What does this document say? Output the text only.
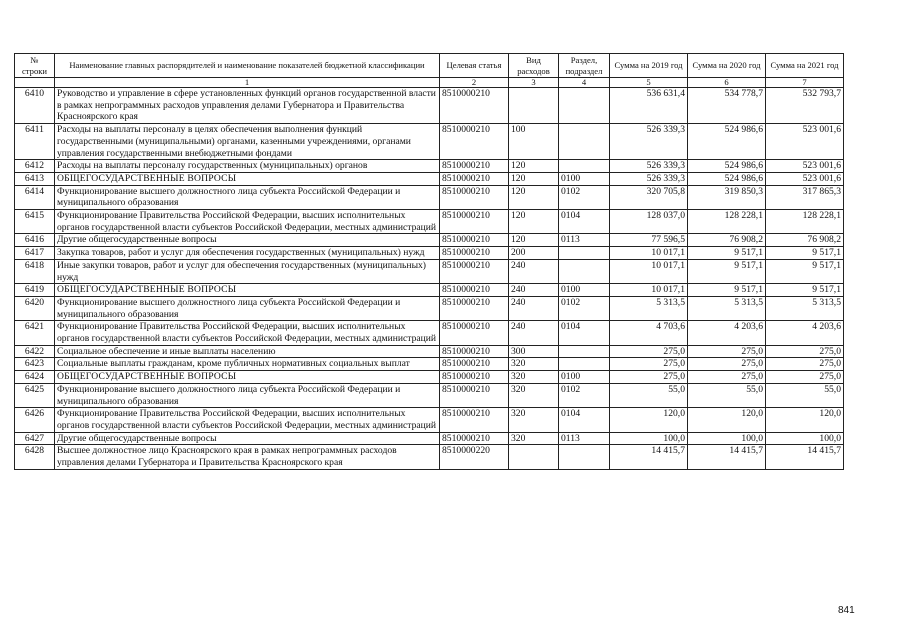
№ строки	Наименование главных распорядителей и наименование показателей бюджетной классификации	Целевая статья	Вид расходов	Раздел, подраздел	Сумма на 2019 год	Сумма на 2020 год	Сумма на 2021 год
	1	2	3	4	5	6	7
6410	Руководство и управление в сфере установленных функций органов государственной власти в рамках непрограммных расходов управления делами Губернатора и Правительства Красноярского края	8510000210			536 631,4	534 778,7	532 793,7
6411	Расходы на выплаты персоналу в целях обеспечения выполнения функций государственными (муниципальными) органами, казенными учреждениями, органами управления государственными внебюджетными фондами	8510000210	100		526 339,3	524 986,6	523 001,6
6412	Расходы на выплаты персоналу государственных (муниципальных) органов	8510000210	120		526 339,3	524 986,6	523 001,6
6413	ОБЩЕГОСУДАРСТВЕННЫЕ ВОПРОСЫ	8510000210	120	0100	526 339,3	524 986,6	523 001,6
6414	Функционирование высшего должностного лица субъекта Российской Федерации и муниципального образования	8510000210	120	0102	320 705,8	319 850,3	317 865,3
6415	Функционирование Правительства Российской Федерации, высших исполнительных органов государственной власти субъектов Российской Федерации, местных администраций	8510000210	120	0104	128 037,0	128 228,1	128 228,1
6416	Другие общегосударственные вопросы	8510000210	120	0113	77 596,5	76 908,2	76 908,2
6417	Закупка товаров, работ и услуг для обеспечения государственных (муниципальных) нужд	8510000210	200		10 017,1	9 517,1	9 517,1
6418	Иные закупки товаров, работ и услуг для обеспечения государственных (муниципальных) нужд	8510000210	240		10 017,1	9 517,1	9 517,1
6419	ОБЩЕГОСУДАРСТВЕННЫЕ ВОПРОСЫ	8510000210	240	0100	10 017,1	9 517,1	9 517,1
6420	Функционирование высшего должностного лица субъекта Российской Федерации и муниципального образования	8510000210	240	0102	5 313,5	5 313,5	5 313,5
6421	Функционирование Правительства Российской Федерации, высших исполнительных органов государственной власти субъектов Российской Федерации, местных администраций	8510000210	240	0104	4 703,6	4 203,6	4 203,6
6422	Социальное обеспечение и иные выплаты населению	8510000210	300		275,0	275,0	275,0
6423	Социальные выплаты гражданам, кроме публичных нормативных социальных выплат	8510000210	320		275,0	275,0	275,0
6424	ОБЩЕГОСУДАРСТВЕННЫЕ ВОПРОСЫ	8510000210	320	0100	275,0	275,0	275,0
6425	Функционирование высшего должностного лица субъекта Российской Федерации и муниципального образования	8510000210	320	0102	55,0	55,0	55,0
6426	Функционирование Правительства Российской Федерации, высших исполнительных органов государственной власти субъектов Российской Федерации, местных администраций	8510000210	320	0104	120,0	120,0	120,0
6427	Другие общегосударственные вопросы	8510000210	320	0113	100,0	100,0	100,0
6428	Высшее должностное лицо Красноярского края в рамках непрограммных расходов управления делами Губернатора и Правительства Красноярского края	8510000220			14 415,7	14 415,7	14 415,7
841
